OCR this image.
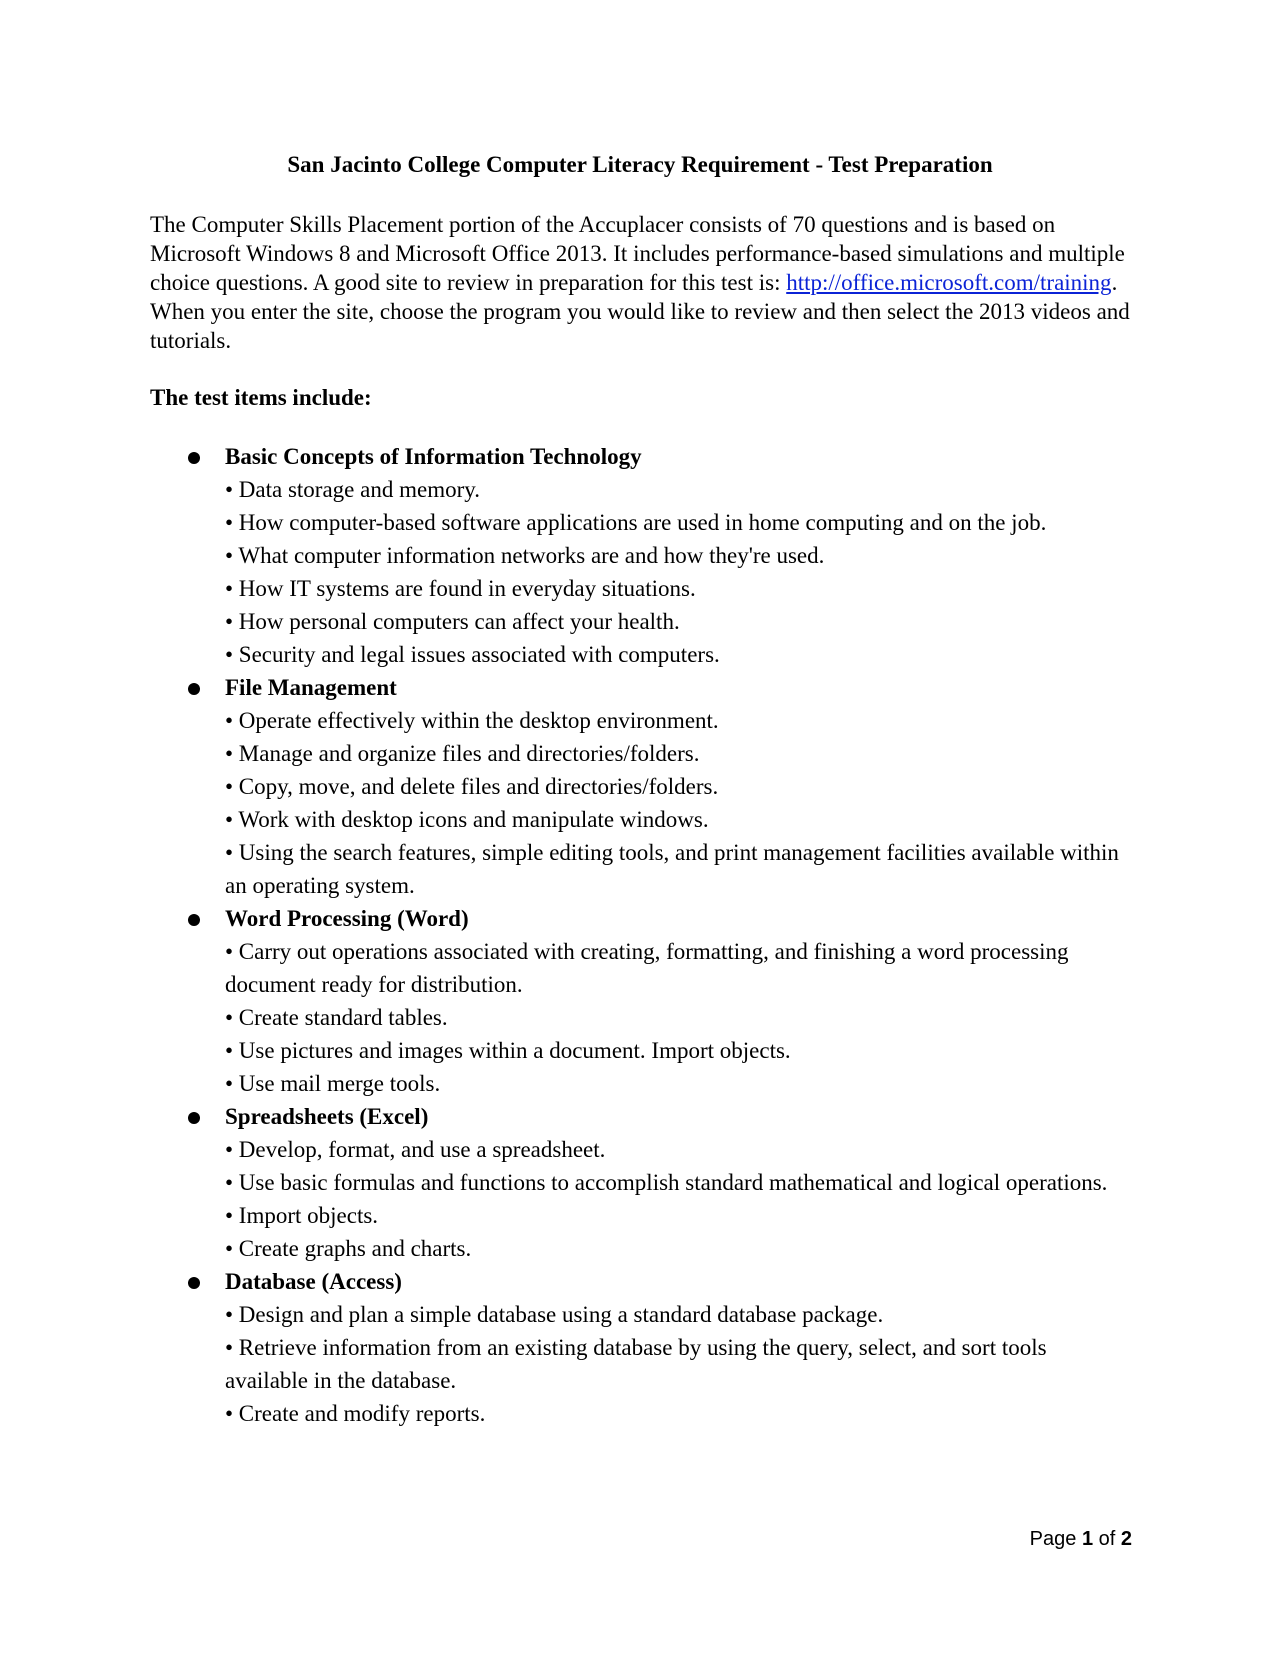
San Jacinto College Computer Literacy Requirement - Test Preparation

The Computer Skills Placement portion of the Accuplacer consists of 70 questions and is based on Microsoft Windows 8 and Microsoft Office 2013. It includes performance-based simulations and multiple choice questions. A good site to review in preparation for this test is: http://office.microsoft.com/training. When you enter the site, choose the program you would like to review and then select the 2013 videos and tutorials.

The test items include:

Basic Concepts of Information Technology
• Data storage and memory.
• How computer-based software applications are used in home computing and on the job.
• What computer information networks are and how they're used.
• How IT systems are found in everyday situations.
• How personal computers can affect your health.
• Security and legal issues associated with computers.
File Management
• Operate effectively within the desktop environment.
• Manage and organize files and directories/folders.
• Copy, move, and delete files and directories/folders.
• Work with desktop icons and manipulate windows.
• Using the search features, simple editing tools, and print management facilities available within an operating system.
Word Processing (Word)
• Carry out operations associated with creating, formatting, and finishing a word processing document ready for distribution.
• Create standard tables.
• Use pictures and images within a document. Import objects.
• Use mail merge tools.
Spreadsheets (Excel)
• Develop, format, and use a spreadsheet.
• Use basic formulas and functions to accomplish standard mathematical and logical operations.
• Import objects.
• Create graphs and charts.
Database (Access)
• Design and plan a simple database using a standard database package.
• Retrieve information from an existing database by using the query, select, and sort tools available in the database.
• Create and modify reports.
Page 1 of 2
